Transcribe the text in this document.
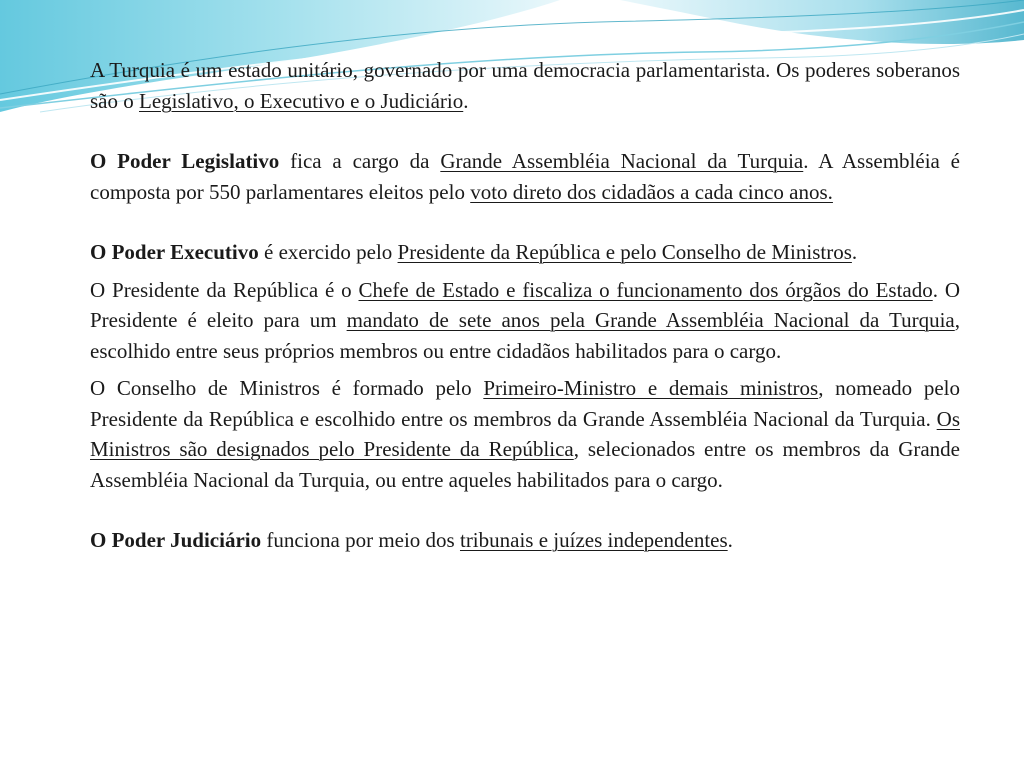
A Turquia é um estado unitário, governado por uma democracia parlamentarista. Os poderes soberanos são o Legislativo, o Executivo e o Judiciário.

O Poder Legislativo fica a cargo da Grande Assembléia Nacional da Turquia. A Assembléia é composta por 550 parlamentares eleitos pelo voto direto dos cidadãos a cada cinco anos.

O Poder Executivo é exercido pelo Presidente da República e pelo Conselho de Ministros.

O Presidente da República é o Chefe de Estado e fiscaliza o funcionamento dos órgãos do Estado. O Presidente é eleito para um mandato de sete anos pela Grande Assembléia Nacional da Turquia, escolhido entre seus próprios membros ou entre cidadãos habilitados para o cargo.

O Conselho de Ministros é formado pelo Primeiro-Ministro e demais ministros, nomeado pelo Presidente da República e escolhido entre os membros da Grande Assembléia Nacional da Turquia. Os Ministros são designados pelo Presidente da República, selecionados entre os membros da Grande Assembléia Nacional da Turquia, ou entre aqueles habilitados para o cargo.

O Poder Judiciário funciona por meio dos tribunais e juízes independentes.
